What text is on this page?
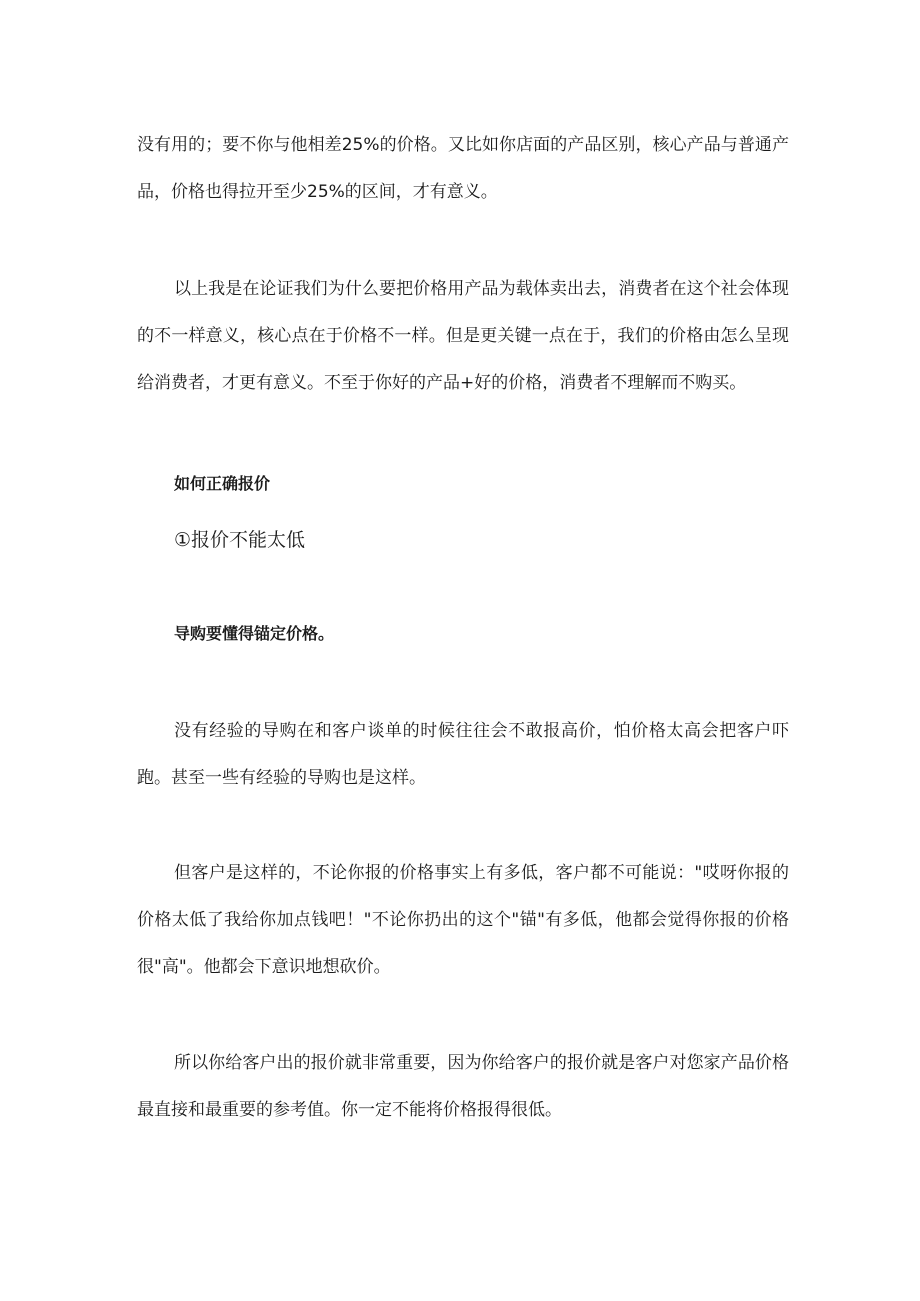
没有用的；要不你与他相差25%的价格。又比如你店面的产品区别，核心产品与普通产品，价格也得拉开至少25%的区间，才有意义。

以上我是在论证我们为什么要把价格用产品为载体卖出去，消费者在这个社会体现的不一样意义，核心点在于价格不一样。但是更关键一点在于，我们的价格由怎么呈现给消费者，才更有意义。不至于你好的产品+好的价格，消费者不理解而不购买。

如何正确报价
①报价不能太低
导购要懂得锚定价格。

没有经验的导购在和客户谈单的时候往往会不敢报高价，怕价格太高会把客户吓跑。甚至一些有经验的导购也是这样。

但客户是这样的，不论你报的价格事实上有多低，客户都不可能说："哎呀你报的价格太低了我给你加点钱吧！"不论你扔出的这个"锚"有多低，他都会觉得你报的价格很"高"。他都会下意识地想砍价。

所以你给客户出的报价就非常重要，因为你给客户的报价就是客户对您家产品价格最直接和最重要的参考值。你一定不能将价格报得很低。
